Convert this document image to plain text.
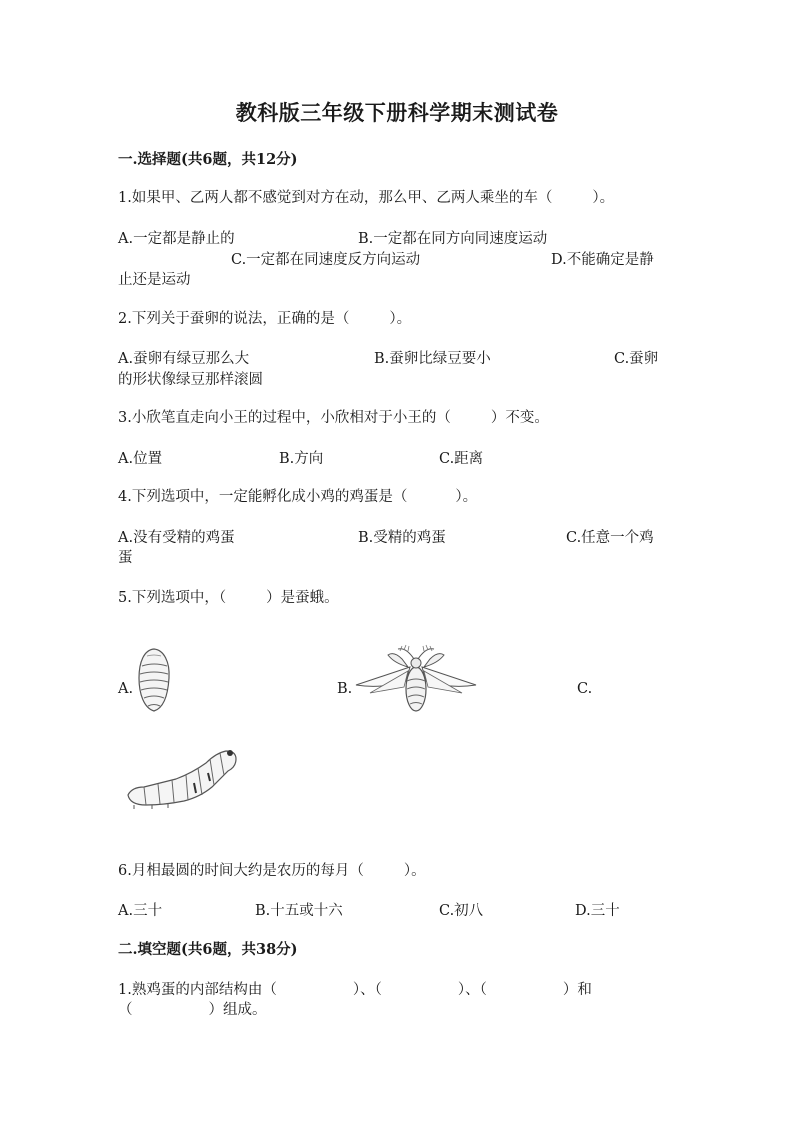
教科版三年级下册科学期末测试卷
一.选择题(共6题，共12分)
1.如果甲、乙两人都不感觉到对方在动，那么甲、乙两人乘坐的车（	）。
A.一定都是静止的	B.一定都在同方向同速度运动
C.一定都在同速度反方向运动	D.不能确定是静
止还是运动
2.下列关于蚕卵的说法，正确的是（	）。
A.蚕卵有绿豆那么大	B.蚕卵比绿豆要小	C.蚕卵
的形状像绿豆那样滚圆
3.小欣笔直走向小王的过程中，小欣相对于小王的（	）不变。
A.位置	B.方向	C.距离
4.下列选项中，一定能孵化成小鸡的鸡蛋是（	）。
A.没有受精的鸡蛋	B.受精的鸡蛋	C.任意一个鸡
蛋
5.下列选项中，（	）是蚕蛾。
A.	B.	C.
6.月相最圆的时间大约是农历的每月（	）。
A.三十	B.十五或十六	C.初八	D.三十
二.填空题(共6题，共38分)
1.熟鸡蛋的内部结构由（	）、（	）、（	）和
（	）组成。
